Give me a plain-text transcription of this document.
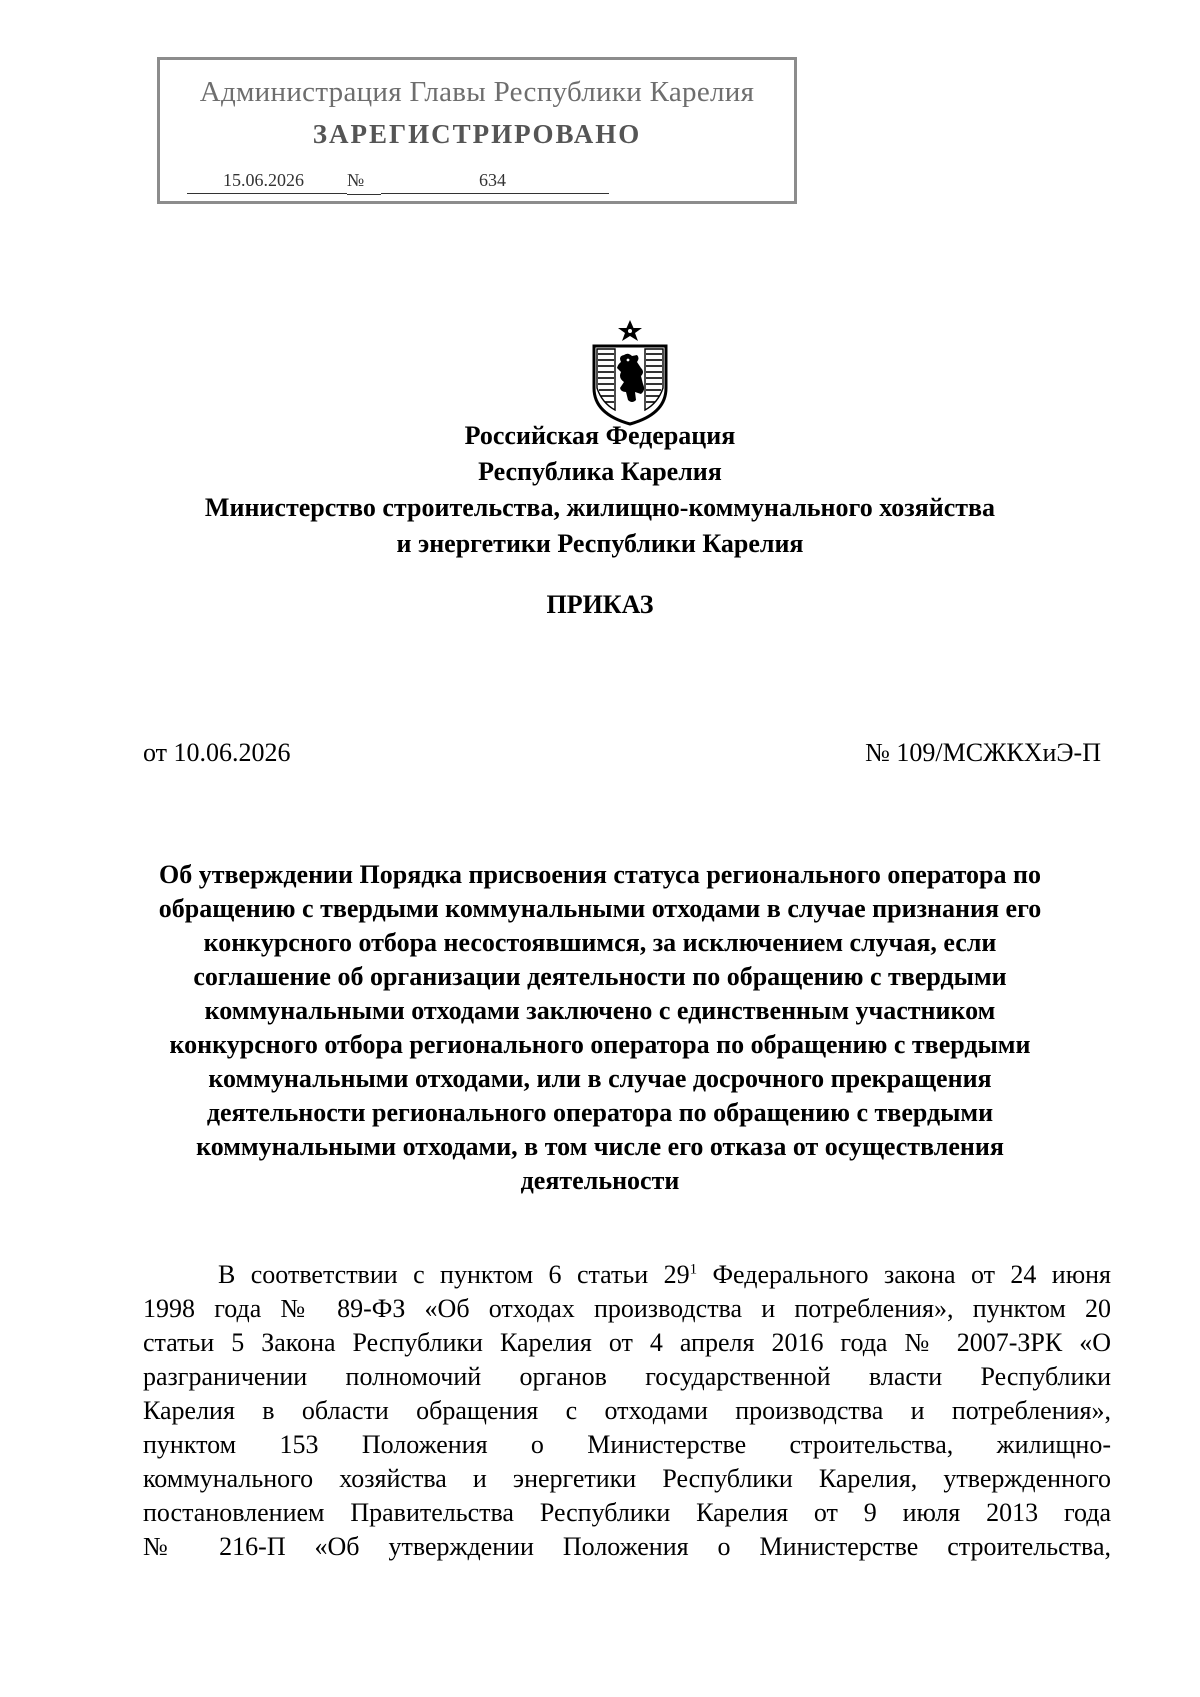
Администрация Главы Республики Карелия
ЗАРЕГИСТРИРОВАНО
15.06.2026	№	634
Российская Федерация
Республика Карелия
Министерство строительства, жилищно-коммунального хозяйства
и энергетики Республики Карелия
ПРИКАЗ
от 10.06.2026	№ 109/МСЖКХиЭ-П
Об утверждении Порядка присвоения статуса регионального оператора по
обращению с твердыми коммунальными отходами в случае признания его
конкурсного отбора несостоявшимся, за исключением случая, если
соглашение об организации деятельности по обращению с твердыми
коммунальными отходами заключено с единственным участником
конкурсного отбора регионального оператора по обращению с твердыми
коммунальными отходами, или в случае досрочного прекращения
деятельности регионального оператора по обращению с твердыми
коммунальными отходами, в том числе его отказа от осуществления
деятельности
В соответствии с пунктом 6 статьи $29^1$ Федерального закона от 24 июня
1998 года № 89-ФЗ «Об отходах производства и потребления», пунктом 20
статьи 5 Закона Республики Карелия от 4 апреля 2016 года № 2007-ЗРК «О
разграничении полномочий органов государственной власти Республики
Карелия в области обращения с отходами производства и потребления»,
пунктом 153 Положения о Министерстве строительства, жилищно-
коммунального хозяйства и энергетики Республики Карелия, утвержденного
постановлением Правительства Республики Карелия от 9 июля 2013 года
№ 216-П «Об утверждении Положения о Министерстве строительства,
